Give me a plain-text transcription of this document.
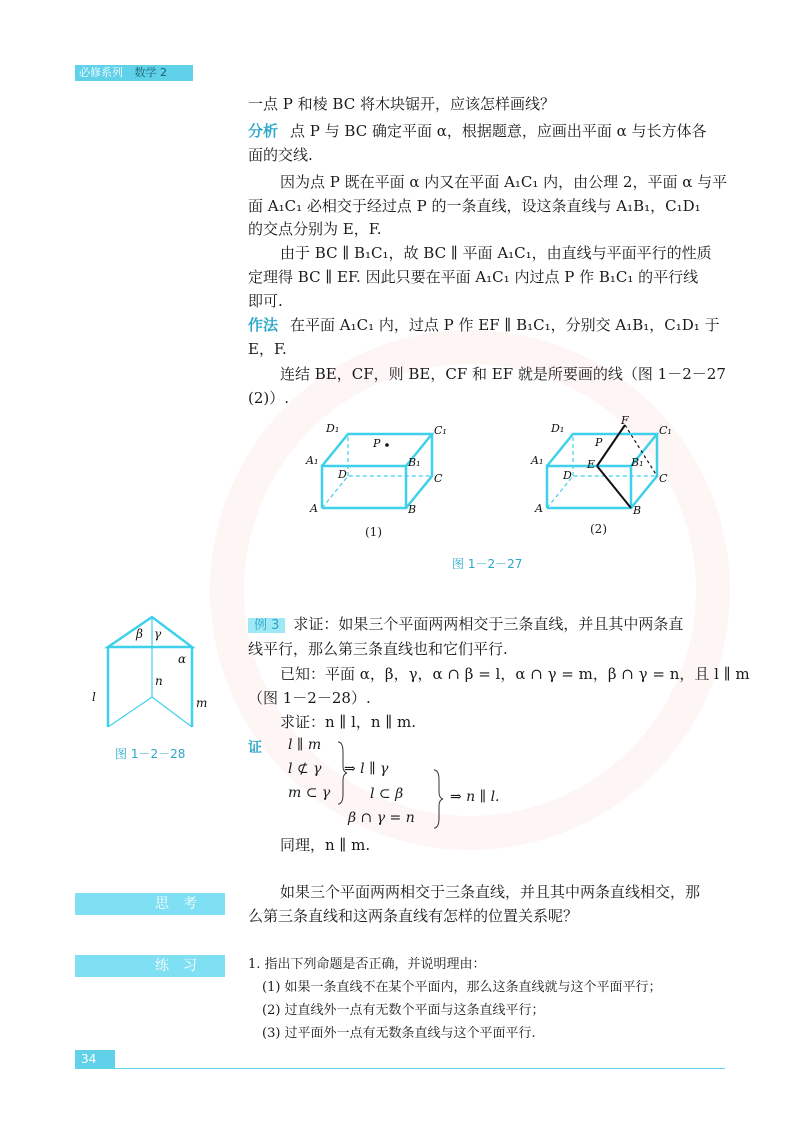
必修系列 数学 2
一点 P 和棱 BC 将木块锯开，应该怎样画线？
分析 点 P 与 BC 确定平面 α，根据题意，应画出平面 α 与长方体各
面的交线.
因为点 P 既在平面 α 内又在平面 A₁C₁ 内，由公理 2，平面 α 与平
面 A₁C₁ 必相交于经过点 P 的一条直线，设这条直线与 A₁B₁，C₁D₁
的交点分别为 E，F.
由于 BC ∥ B₁C₁，故 BC ∥ 平面 A₁C₁，由直线与平面平行的性质
定理得 BC ∥ EF. 因此只要在平面 A₁C₁ 内过点 P 作 B₁C₁ 的平行线
即可.
作法 在平面 A₁C₁ 内，过点 P 作 EF ∥ B₁C₁，分别交 A₁B₁，C₁D₁ 于
E，F.
连结 BE，CF，则 BE，CF 和 EF 就是所要画的线（图 1－2－27
(2)）.
D₁	C₁
A₁	B₁
P
D	C
A	B
F
D₁	C₁
P
A₁	E	B₁
D	C
A	B
(1)	(2)
图 1－2－27
β γ
α
n
l	m
图 1－2－28
例 3 求证：如果三个平面两两相交于三条直线，并且其中两条直
线平行，那么第三条直线也和它们平行.
已知：平面 α，β，γ，α ∩ β = l，α ∩ γ = m，β ∩ γ = n，且 l ∥ m
（图 1－2－28）.
求证：n ∥ l，n ∥ m.
证 l ∥ m
l ⊄ γ
m ⊂ γ
⇒ l ∥ γ
l ⊂ β
β ∩ γ = n
⇒ n ∥ l.
同理，n ∥ m.
思考
如果三个平面两两相交于三条直线，并且其中两条直线相交，那
么第三条直线和这两条直线有怎样的位置关系呢？
练习	1. 指出下列命题是否正确，并说明理由：
(1) 如果一条直线不在某个平面内，那么这条直线就与这个平面平行；
(2) 过直线外一点有无数个平面与这条直线平行；
(3) 过平面外一点有无数条直线与这个平面平行.
34
